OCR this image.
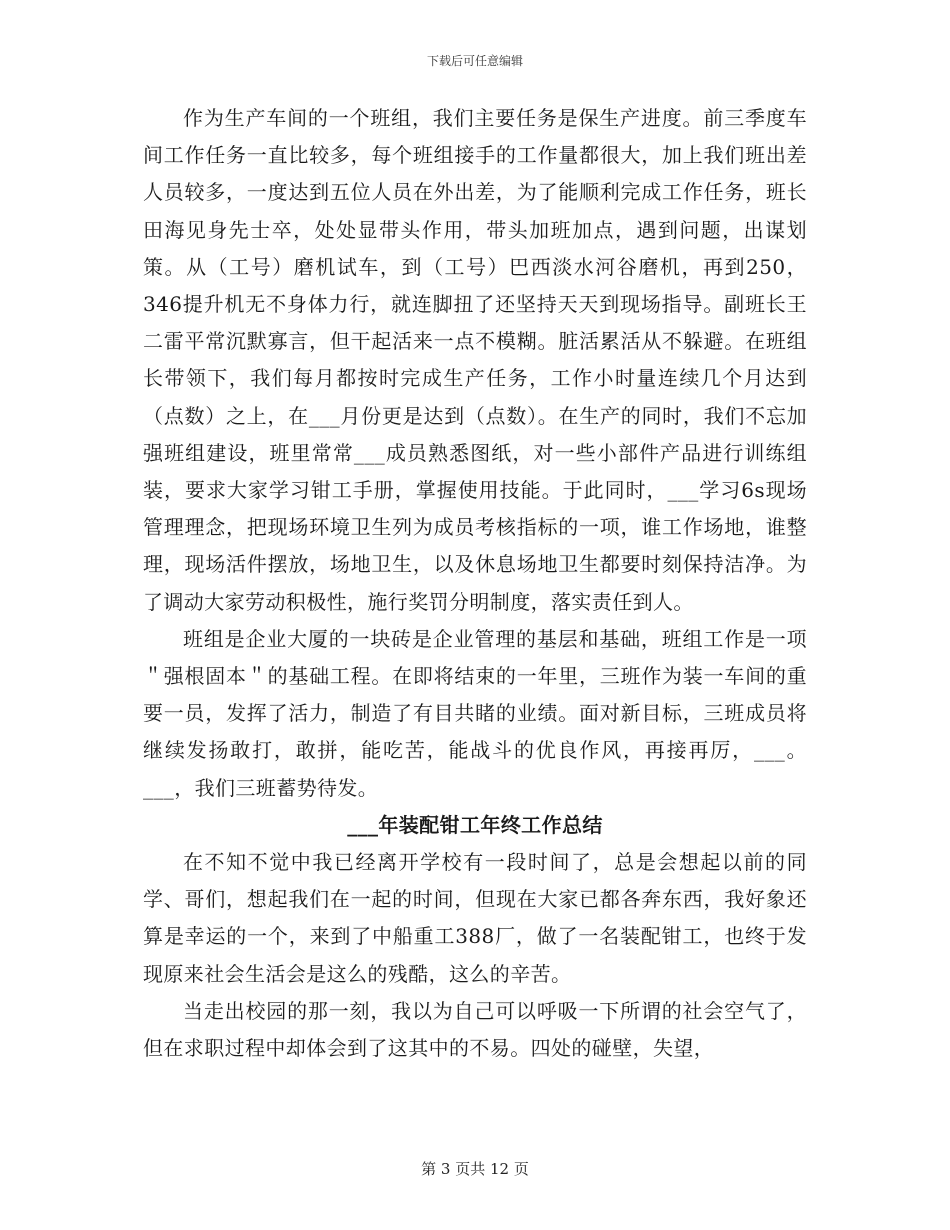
下载后可任意编辑

作为生产车间的一个班组，我们主要任务是保生产进度。前三季度车间工作任务一直比较多，每个班组接手的工作量都很大，加上我们班出差人员较多，一度达到五位人员在外出差，为了能顺利完成工作任务，班长田海见身先士卒，处处显带头作用，带头加班加点，遇到问题，出谋划策。从（工号）磨机试车，到（工号）巴西淡水河谷磨机，再到250，346提升机无不身体力行，就连脚扭了还坚持天天到现场指导。副班长王二雷平常沉默寡言，但干起活来一点不模糊。脏活累活从不躲避。在班组长带领下，我们每月都按时完成生产任务，工作小时量连续几个月达到（点数）之上，在___月份更是达到（点数）。在生产的同时，我们不忘加强班组建设，班里常常___成员熟悉图纸，对一些小部件产品进行训练组装，要求大家学习钳工手册，掌握使用技能。于此同时，___学习6s现场管理理念，把现场环境卫生列为成员考核指标的一项，谁工作场地，谁整理，现场活件摆放，场地卫生，以及休息场地卫生都要时刻保持洁净。为了调动大家劳动积极性，施行奖罚分明制度，落实责任到人。

班组是企业大厦的一块砖是企业管理的基层和基础，班组工作是一项＂强根固本＂的基础工程。在即将结束的一年里，三班作为装一车间的重要一员，发挥了活力，制造了有目共睹的业绩。面对新目标，三班成员将继续发扬敢打，敢拼，能吃苦，能战斗的优良作风，再接再厉，___。___，我们三班蓄势待发。

___年装配钳工年终工作总结

在不知不觉中我已经离开学校有一段时间了，总是会想起以前的同学、哥们，想起我们在一起的时间，但现在大家已都各奔东西，我好象还算是幸运的一个，来到了中船重工388厂，做了一名装配钳工，也终于发现原来社会生活会是这么的残酷，这么的辛苦。

当走出校园的那一刻，我以为自己可以呼吸一下所谓的社会空气了，但在求职过程中却体会到了这其中的不易。四处的碰壁，失望，

第 3 页共 12 页
